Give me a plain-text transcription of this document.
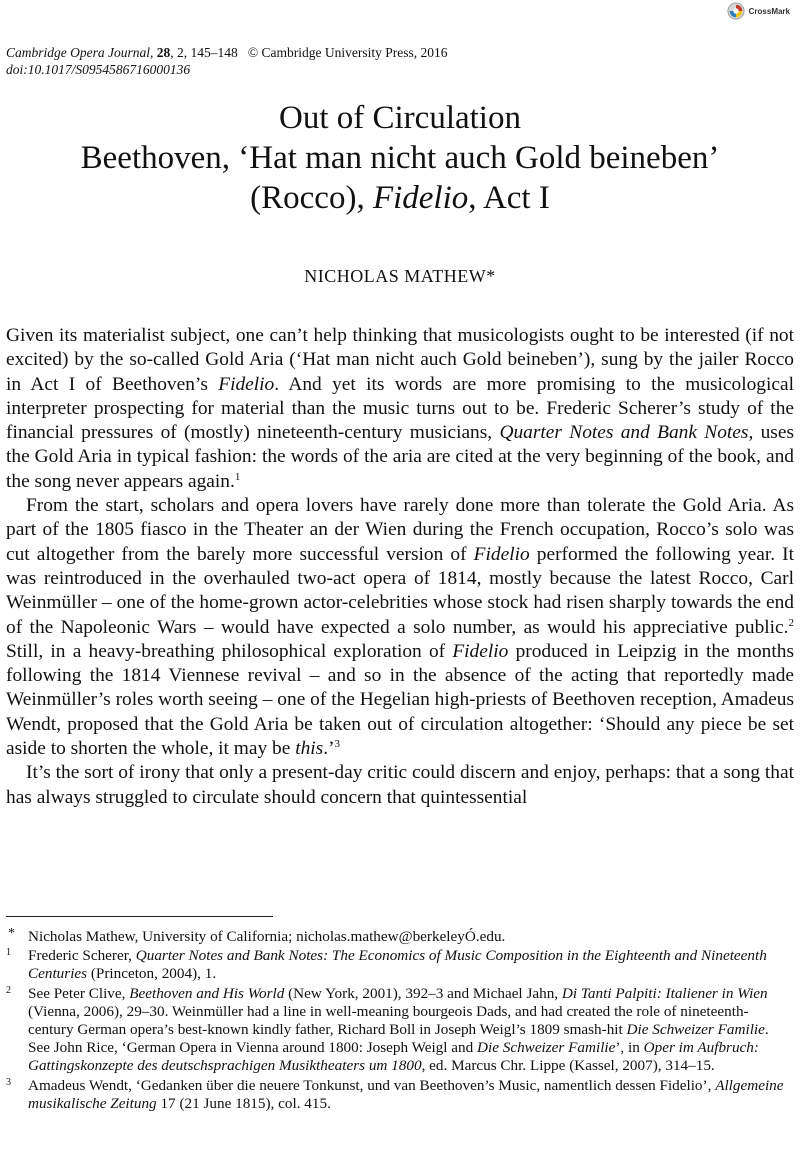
CrossMark
Cambridge Opera Journal, 28, 2, 145–148 © Cambridge University Press, 2016
doi:10.1017/S0954586716000136
Out of Circulation
Beethoven, ‘Hat man nicht auch Gold beineben’
(Rocco), Fidelio, Act I
NICHOLAS MATHEW*

Given its materialist subject, one can’t help thinking that musicologists ought to be interested (if not excited) by the so-called Gold Aria (‘Hat man nicht auch Gold beineben’), sung by the jailer Rocco in Act I of Beethoven’s Fidelio. And yet its words are more promising to the musicological interpreter prospecting for material than the music turns out to be. Frederic Scherer’s study of the financial pressures of (mostly) nineteenth-century musicians, Quarter Notes and Bank Notes, uses the Gold Aria in typical fashion: the words of the aria are cited at the very beginning of the book, and the song never appears again.$^1$

From the start, scholars and opera lovers have rarely done more than tolerate the Gold Aria. As part of the 1805 fiasco in the Theater an der Wien during the French occupation, Rocco’s solo was cut altogether from the barely more successful version of Fidelio performed the following year. It was reintroduced in the overhauled two-act opera of 1814, mostly because the latest Rocco, Carl Weinmüller – one of the home-grown actor-celebrities whose stock had risen sharply towards the end of the Napoleonic Wars – would have expected a solo number, as would his appreciative public.$^2$ Still, in a heavy-breathing philosophical exploration of Fidelio produced in Leipzig in the months following the 1814 Viennese revival – and so in the absence of the acting that reportedly made Weinmüller’s roles worth seeing – one of the Hegelian high-priests of Beethoven reception, Amadeus Wendt, proposed that the Gold Aria be taken out of circulation altogether: ‘Should any piece be set aside to shorten the whole, it may be this.’$^3$

It’s the sort of irony that only a present-day critic could discern and enjoy, perhaps: that a song that has always struggled to circulate should concern that quintessential

* Nicholas Mathew, University of California; nicholas.mathew@berkeleyÓ.edu.
1 Frederic Scherer, Quarter Notes and Bank Notes: The Economics of Music Composition in the Eighteenth and Nineteenth Centuries (Princeton, 2004), 1.
2 See Peter Clive, Beethoven and His World (New York, 2001), 392–3 and Michael Jahn, Di Tanti Palpiti: Italiener in Wien (Vienna, 2006), 29–30. Weinmüller had a line in well-meaning bourgeois Dads, and had created the role of nineteenth-century German opera’s best-known kindly father, Richard Boll in Joseph Weigl’s 1809 smash-hit Die Schweizer Familie. See John Rice, ‘German Opera in Vienna around 1800: Joseph Weigl and Die Schweizer Familie’, in Oper im Aufbruch: Gattingskonzepte des deutschsprachigen Musiktheaters um 1800, ed. Marcus Chr. Lippe (Kassel, 2007), 314–15.
3 Amadeus Wendt, ‘Gedanken über die neuere Tonkunst, und van Beethoven’s Music, namentlich dessen Fidelio’, Allgemeine musikalische Zeitung 17 (21 June 1815), col. 415.
